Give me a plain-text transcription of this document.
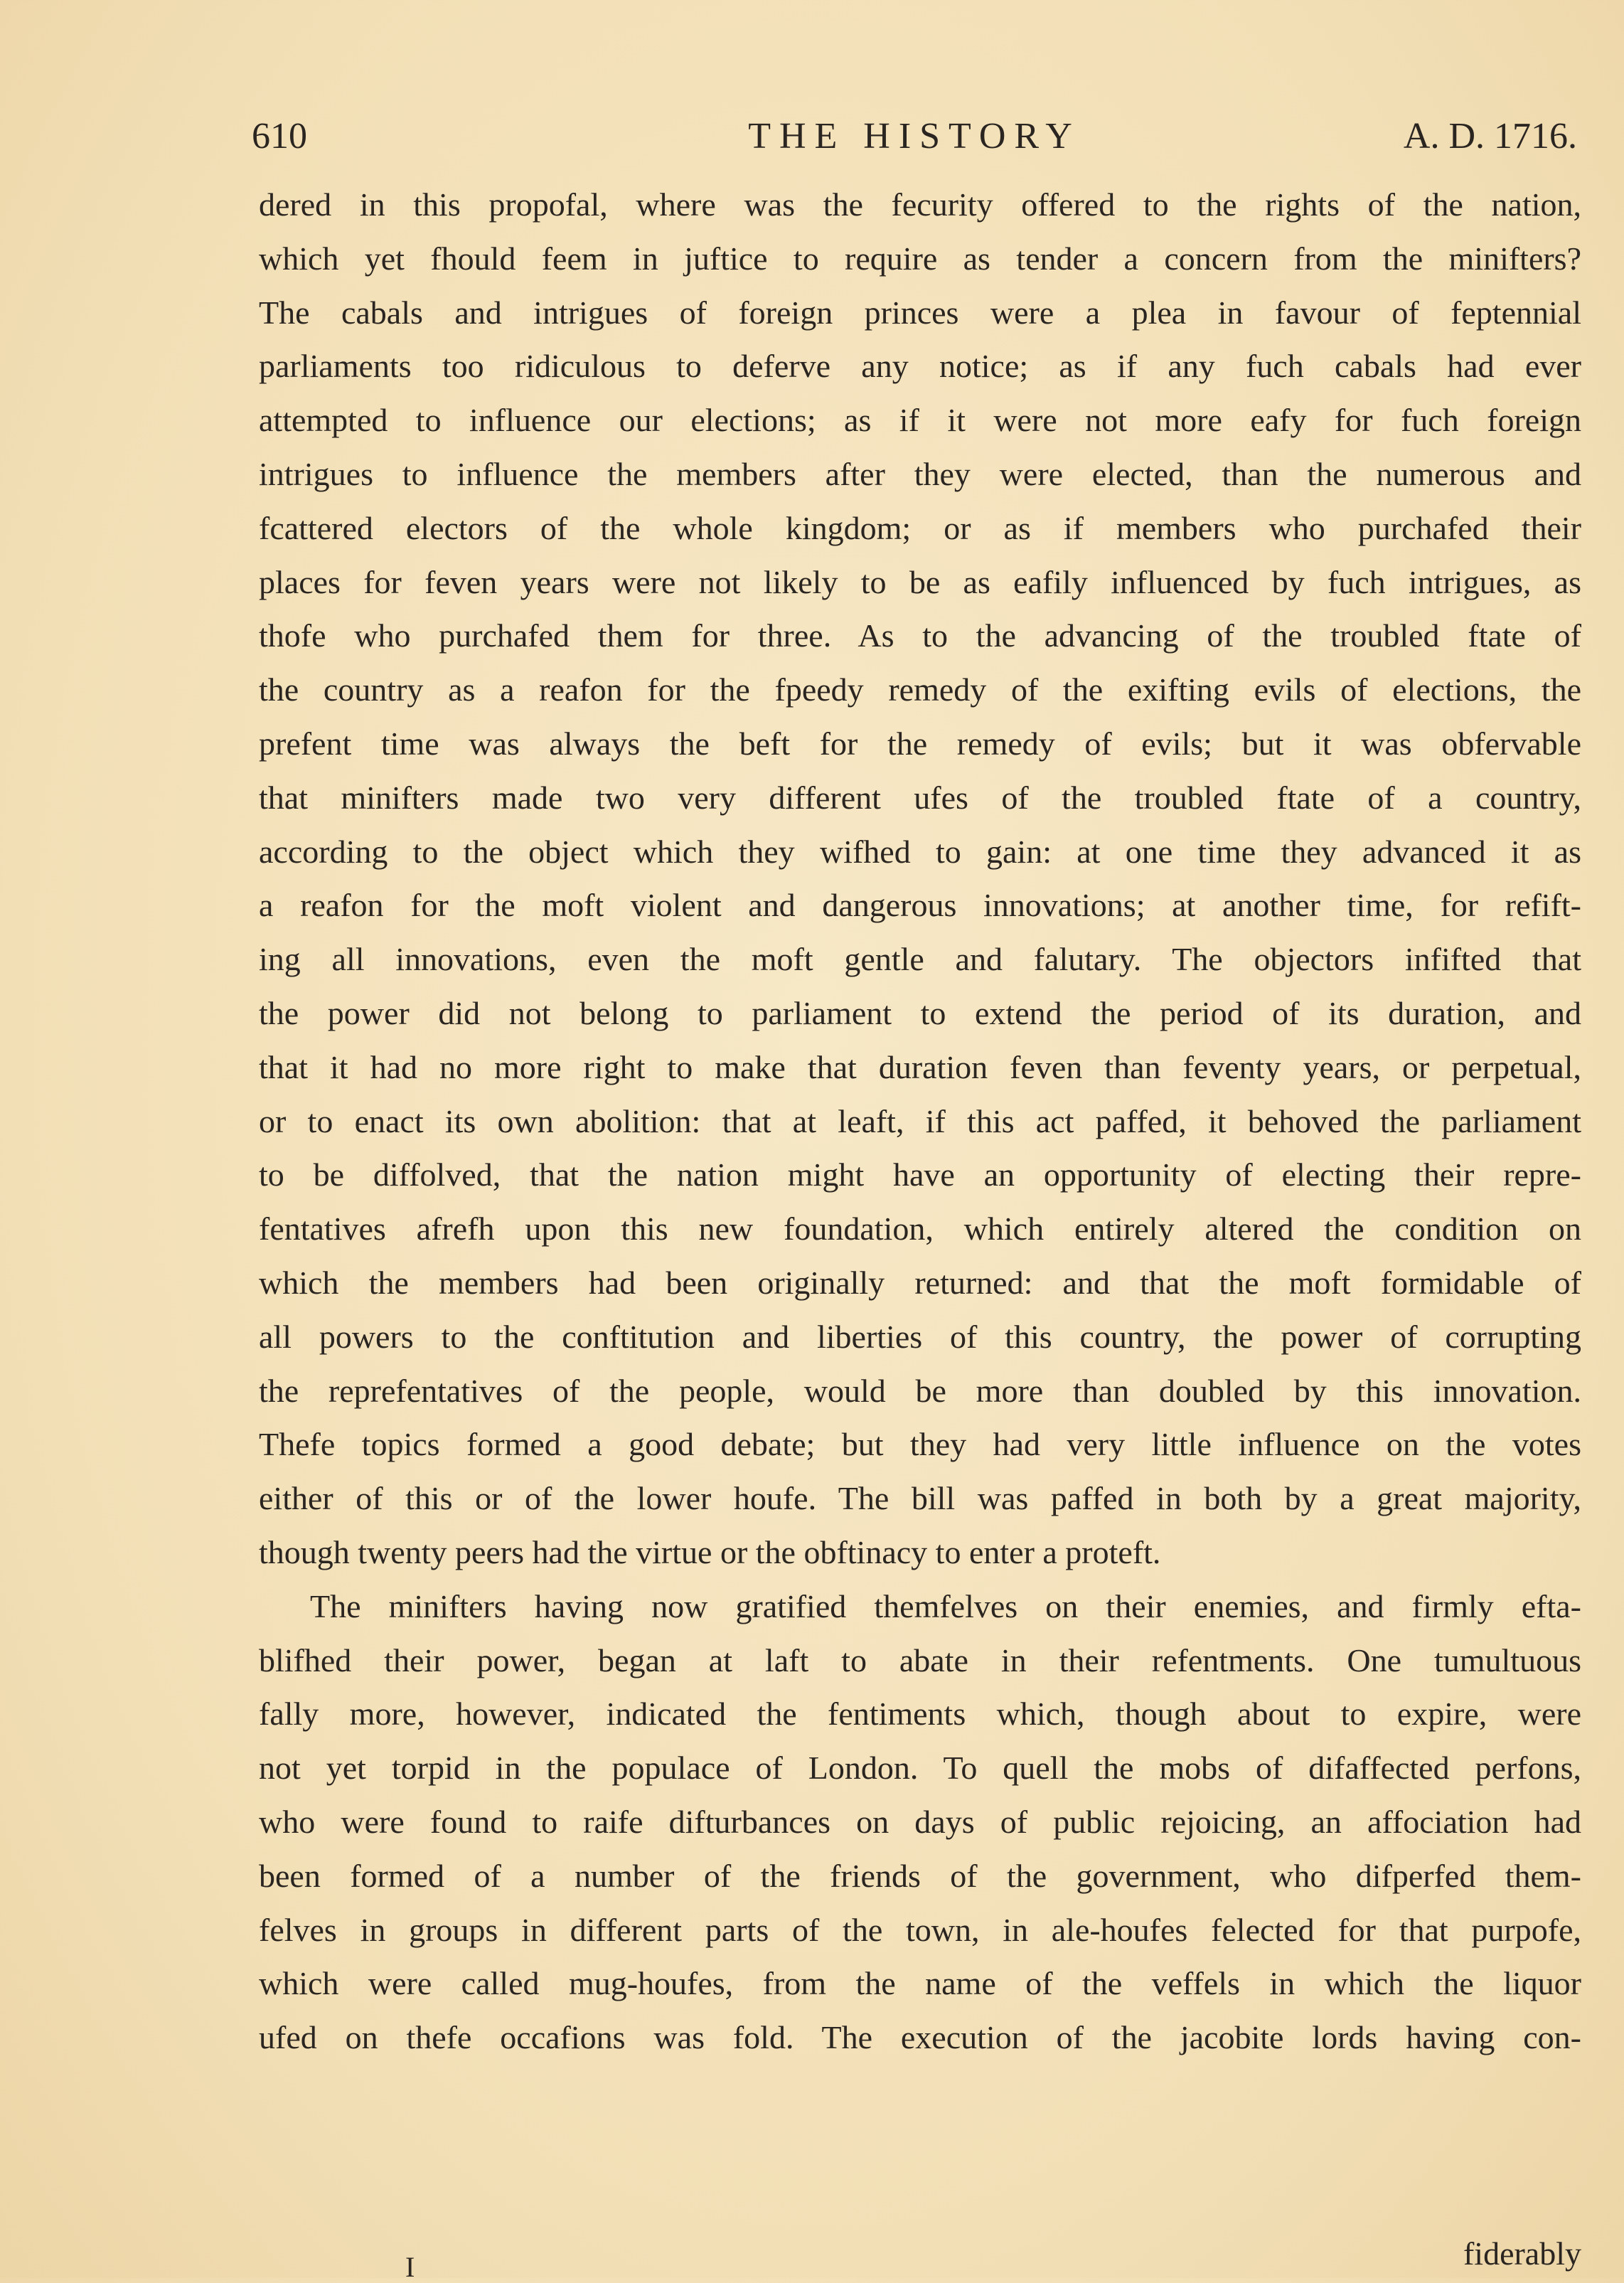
610	THE HISTORY	A. D. 1716.
dered in this propofal, where was the fecurity offered to the rights of the nation,
which yet fhould feem in juftice to require as tender a concern from the minifters?
The cabals and intrigues of foreign princes were a plea in favour of feptennial
parliaments too ridiculous to deferve any notice; as if any fuch cabals had ever
attempted to influence our elections; as if it were not more eafy for fuch foreign
intrigues to influence the members after they were elected, than the numerous and
fcattered electors of the whole kingdom; or as if members who purchafed their
places for feven years were not likely to be as eafily influenced by fuch intrigues, as
thofe who purchafed them for three. As to the advancing of the troubled ftate of
the country as a reafon for the fpeedy remedy of the exifting evils of elections, the
prefent time was always the beft for the remedy of evils; but it was obfervable
that minifters made two very different ufes of the troubled ftate of a country,
according to the object which they wifhed to gain: at one time they advanced it as
a reafon for the moft violent and dangerous innovations; at another time, for refift-
ing all innovations, even the moft gentle and falutary. The objectors infifted that
the power did not belong to parliament to extend the period of its duration, and
that it had no more right to make that duration feven than feventy years, or perpetual,
or to enact its own abolition: that at leaft, if this act paffed, it behoved the parliament
to be diffolved, that the nation might have an opportunity of electing their repre-
fentatives afrefh upon this new foundation, which entirely altered the condition on
which the members had been originally returned: and that the moft formidable of
all powers to the conftitution and liberties of this country, the power of corrupting
the reprefentatives of the people, would be more than doubled by this innovation.
Thefe topics formed a good debate; but they had very little influence on the votes
either of this or of the lower houfe. The bill was paffed in both by a great majority,
though twenty peers had the virtue or the obftinacy to enter a proteft.
The minifters having now gratified themfelves on their enemies, and firmly efta-
blifhed their power, began at laft to abate in their refentments. One tumultuous
fally more, however, indicated the fentiments which, though about to expire, were
not yet torpid in the populace of London. To quell the mobs of difaffected perfons,
who were found to raife difturbances on days of public rejoicing, an affociation had
been formed of a number of the friends of the government, who difperfed them-
felves in groups in different parts of the town, in ale-houfes felected for that purpofe,
which were called mug-houfes, from the name of the veffels in which the liquor
ufed on thefe occafions was fold. The execution of the jacobite lords having con-
I	fiderably
